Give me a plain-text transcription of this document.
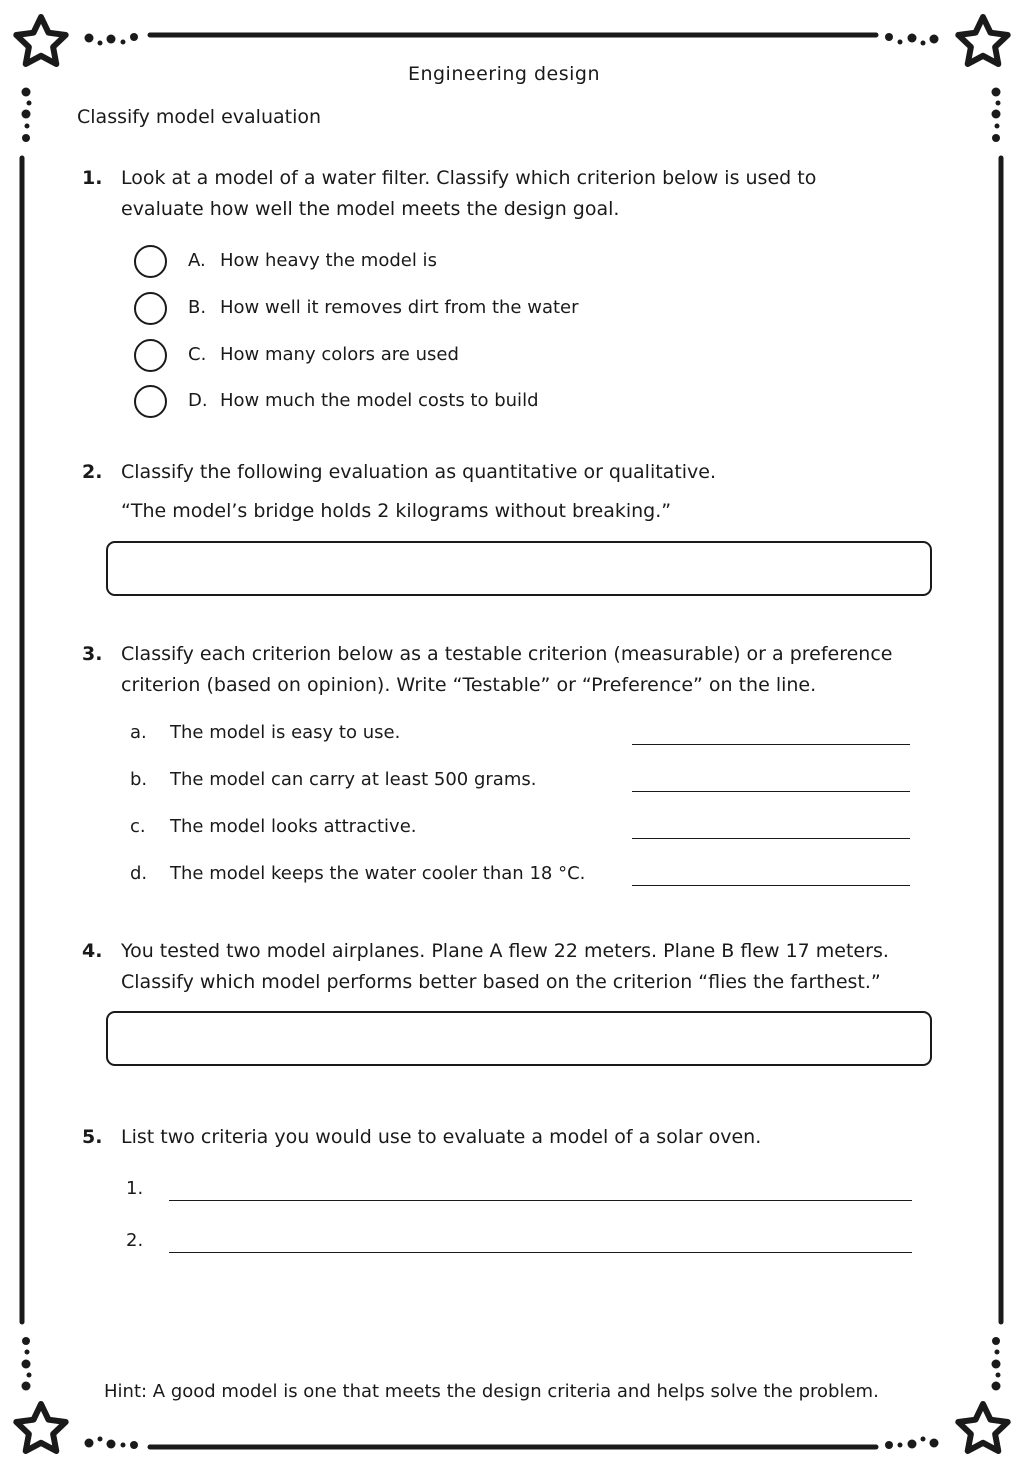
Engineering design
Classify model evaluation
1. Look at a model of a water filter. Classify which criterion below is used to evaluate how well the model meets the design goal.
A. How heavy the model is
B. How well it removes dirt from the water
C. How many colors are used
D. How much the model costs to build
2. Classify the following evaluation as quantitative or qualitative.
“The model’s bridge holds 2 kilograms without breaking.”
3. Classify each criterion below as a testable criterion (measurable) or a preference criterion (based on opinion). Write “Testable” or “Preference” on the line.
a. The model is easy to use.
b. The model can carry at least 500 grams.
c. The model looks attractive.
d. The model keeps the water cooler than 18 °C.
4. You tested two model airplanes. Plane A flew 22 meters. Plane B flew 17 meters. Classify which model performs better based on the criterion “flies the farthest.”
5. List two criteria you would use to evaluate a model of a solar oven.
1.
2.
Hint: A good model is one that meets the design criteria and helps solve the problem.
